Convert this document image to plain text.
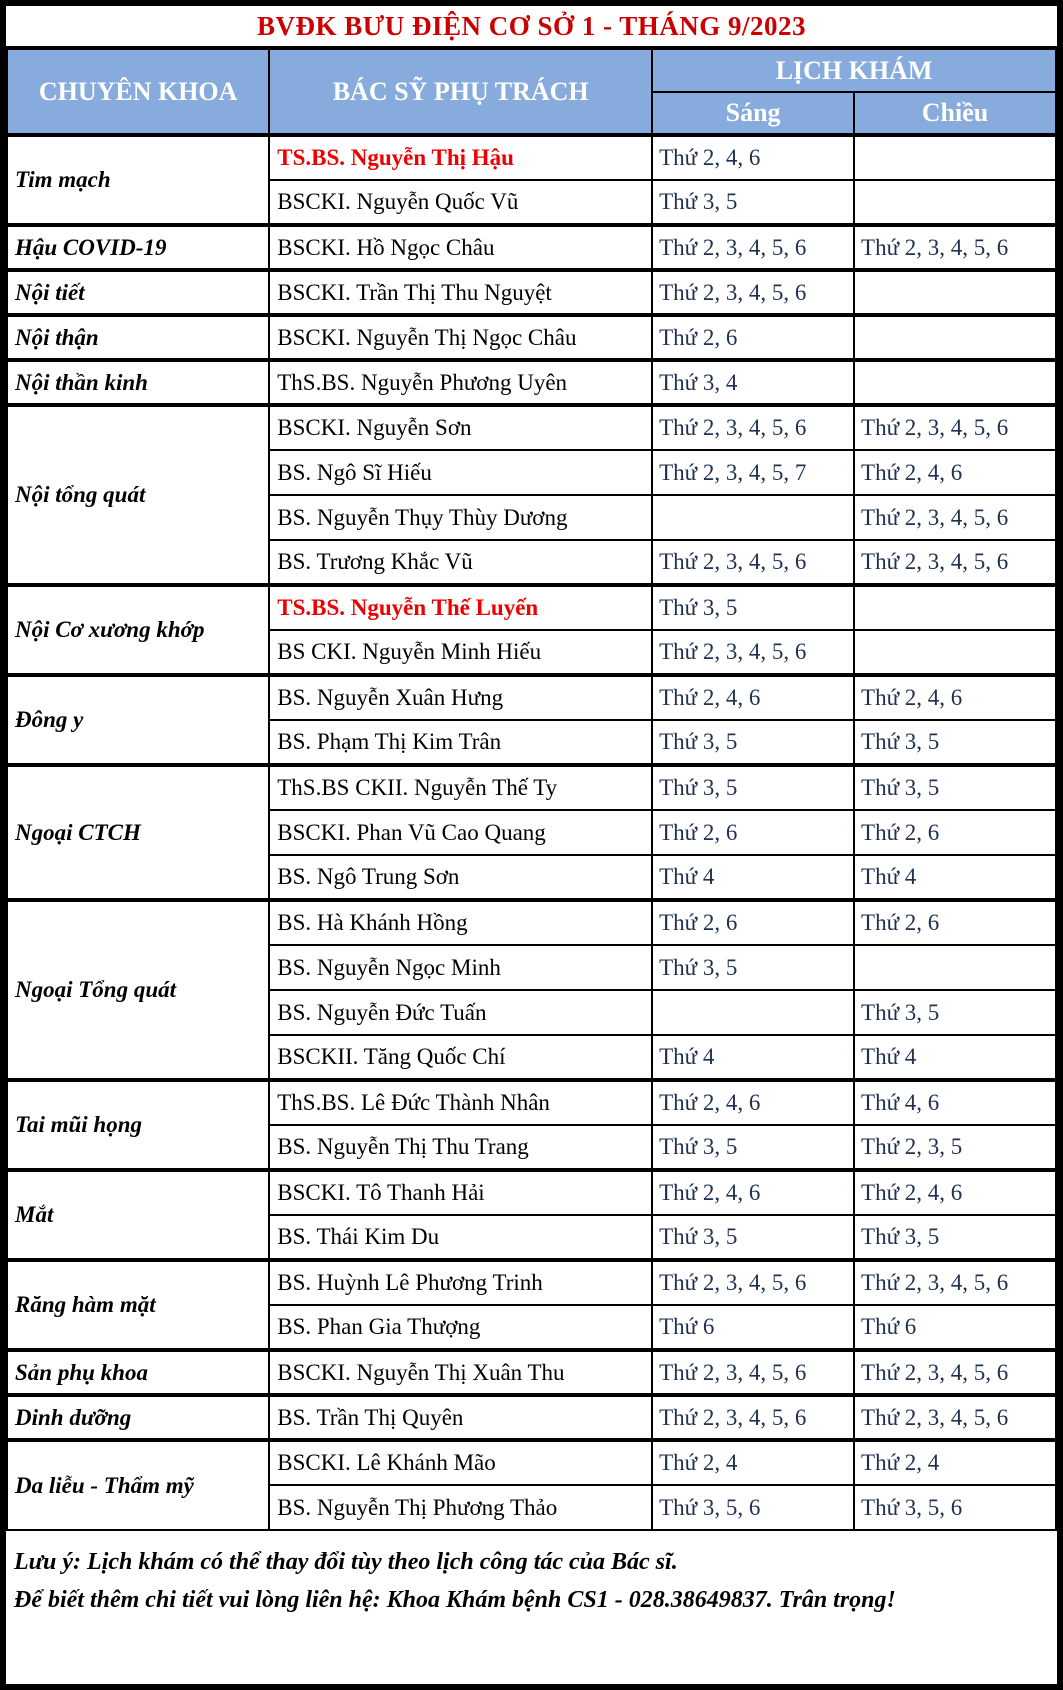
BVĐK BƯU ĐIỆN CƠ SỞ 1 - THÁNG 9/2023
CHUYÊN KHOA	BÁC SỸ PHỤ TRÁCH	LỊCH KHÁM	
		Sáng	Chiều
Tim mạch	TS.BS. Nguyễn Thị Hậu	Thứ 2, 4, 6	
	BSCKI. Nguyễn Quốc Vũ	Thứ 3, 5	
Hậu COVID-19	BSCKI. Hồ Ngọc Châu	Thứ 2, 3, 4, 5, 6	Thứ 2, 3, 4, 5, 6
Nội tiết	BSCKI. Trần Thị Thu Nguyệt	Thứ 2, 3, 4, 5, 6	
Nội thận	BSCKI. Nguyễn Thị Ngọc Châu	Thứ 2, 6	
Nội thần kinh	ThS.BS. Nguyễn Phương Uyên	Thứ 3, 4	
Nội tổng quát	BSCKI. Nguyễn Sơn	Thứ 2, 3, 4, 5, 6	Thứ 2, 3, 4, 5, 6
	BS. Ngô Sĩ Hiếu	Thứ 2, 3, 4, 5, 7	Thứ 2, 4, 6
	BS. Nguyễn Thụy Thùy Dương		Thứ 2, 3, 4, 5, 6
	BS. Trương Khắc Vũ	Thứ 2, 3, 4, 5, 6	Thứ 2, 3, 4, 5, 6
Nội Cơ xương khớp	TS.BS. Nguyễn Thế Luyến	Thứ 3, 5	
	BS CKI. Nguyễn Minh Hiếu	Thứ 2, 3, 4, 5, 6	
Đông y	BS. Nguyễn Xuân Hưng	Thứ 2, 4, 6	Thứ 2, 4, 6
	BS. Phạm Thị Kim Trân	Thứ 3, 5	Thứ 3, 5
Ngoại CTCH	ThS.BS CKII. Nguyễn Thế Ty	Thứ 3, 5	Thứ 3, 5
	BSCKI. Phan Vũ Cao Quang	Thứ 2, 6	Thứ 2, 6
	BS. Ngô Trung Sơn	Thứ 4	Thứ 4
Ngoại Tổng quát	BS. Hà Khánh Hồng	Thứ 2, 6	Thứ 2, 6
	BS. Nguyễn Ngọc Minh	Thứ 3, 5	
	BS. Nguyễn Đức Tuấn		Thứ 3, 5
	BSCKII. Tăng Quốc Chí	Thứ 4	Thứ 4
Tai mũi họng	ThS.BS. Lê Đức Thành Nhân	Thứ 2, 4, 6	Thứ 4, 6
	BS. Nguyễn Thị Thu Trang	Thứ 3, 5	Thứ 2, 3, 5
Mắt	BSCKI. Tô Thanh Hải	Thứ 2, 4, 6	Thứ 2, 4, 6
	BS. Thái Kim Du	Thứ 3, 5	Thứ 3, 5
Răng hàm mặt	BS. Huỳnh Lê Phương Trinh	Thứ 2, 3, 4, 5, 6	Thứ 2, 3, 4, 5, 6
	BS. Phan Gia Thượng	Thứ 6	Thứ 6
Sản phụ khoa	BSCKI. Nguyễn Thị Xuân Thu	Thứ 2, 3, 4, 5, 6	Thứ 2, 3, 4, 5, 6
Dinh dưỡng	BS. Trần Thị Quyên	Thứ 2, 3, 4, 5, 6	Thứ 2, 3, 4, 5, 6
Da liễu - Thẩm mỹ	BSCKI. Lê Khánh Mão	Thứ 2, 4	Thứ 2, 4
	BS. Nguyễn Thị Phương Thảo	Thứ 3, 5, 6	Thứ 3, 5, 6
Lưu ý: Lịch khám có thể thay đổi tùy theo lịch công tác của Bác sĩ.
Để biết thêm chi tiết vui lòng liên hệ: Khoa Khám bệnh CS1 - 028.38649837. Trân trọng!
